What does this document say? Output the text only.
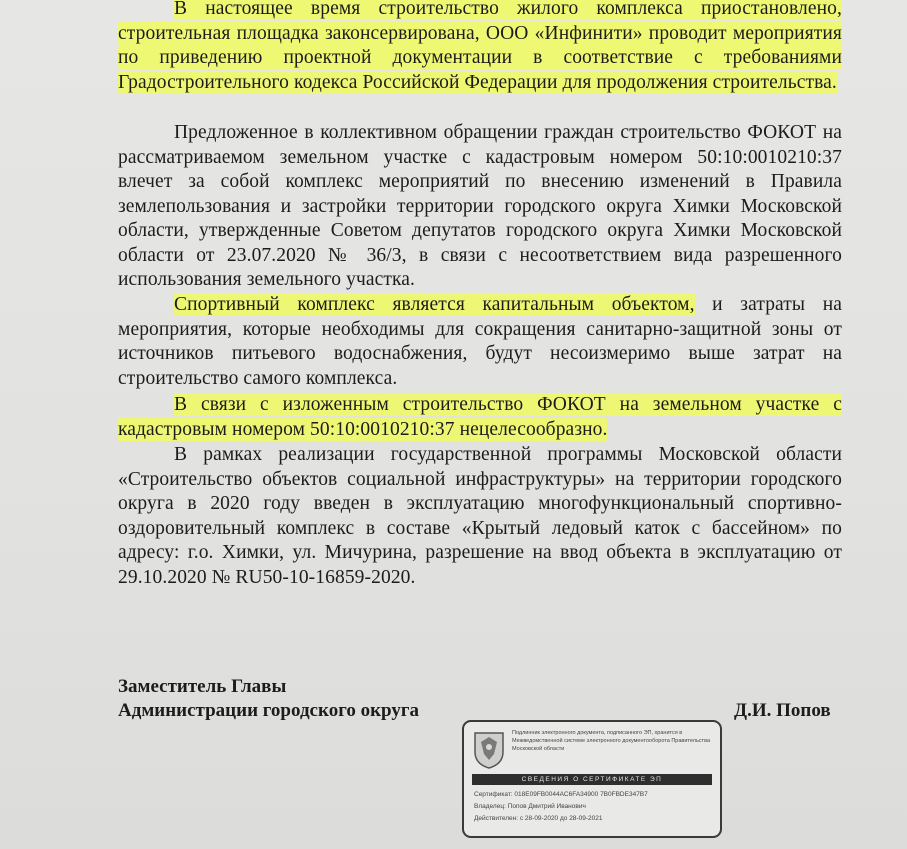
В настоящее время строительство жилого комплекса приостановлено, строительная площадка законсервирована, ООО «Инфинити» проводит мероприятия по приведению проектной документации в соответствие с требованиями Градостроительного кодекса Российской Федерации для продолжения строительства.

Предложенное в коллективном обращении граждан строительство ФОКОТ на рассматриваемом земельном участке с кадастровым номером 50:10:0010210:37 влечет за собой комплекс мероприятий по внесению изменений в Правила землепользования и застройки территории городского округа Химки Московской области, утвержденные Советом депутатов городского округа Химки Московской области от 23.07.2020 № 36/3, в связи с несоответствием вида разрешенного использования земельного участка.

Спортивный комплекс является капитальным объектом, и затраты на мероприятия, которые необходимы для сокращения санитарно-защитной зоны от источников питьевого водоснабжения, будут несоизмеримо выше затрат на строительство самого комплекса.

В связи с изложенным строительство ФОКОТ на земельном участке с кадастровым номером 50:10:0010210:37 нецелесообразно.

В рамках реализации государственной программы Московской области «Строительство объектов социальной инфраструктуры» на территории городского округа в 2020 году введен в эксплуатацию многофункциональный спортивно-оздоровительный комплекс в составе «Крытый ледовый каток с бассейном» по адресу: г.о. Химки, ул. Мичурина, разрешение на ввод объекта в эксплуатацию от 29.10.2020 № RU50-10-16859-2020.

Заместитель Главы

Администрации городского округа	Д.И. Попов

Подлинник электронного документа, подписанного ЭП, хранится в Межведомственной системе электронного документооборота Правительства Московской области

СВЕДЕНИЯ О СЕРТИФИКАТЕ ЭП

Сертификат: 018E09FB0044AC6FA34900 7B0FBDE347B7

Владелец: Попов Дмитрий Иванович

Действителен: с 28-09-2020 до 28-09-2021
